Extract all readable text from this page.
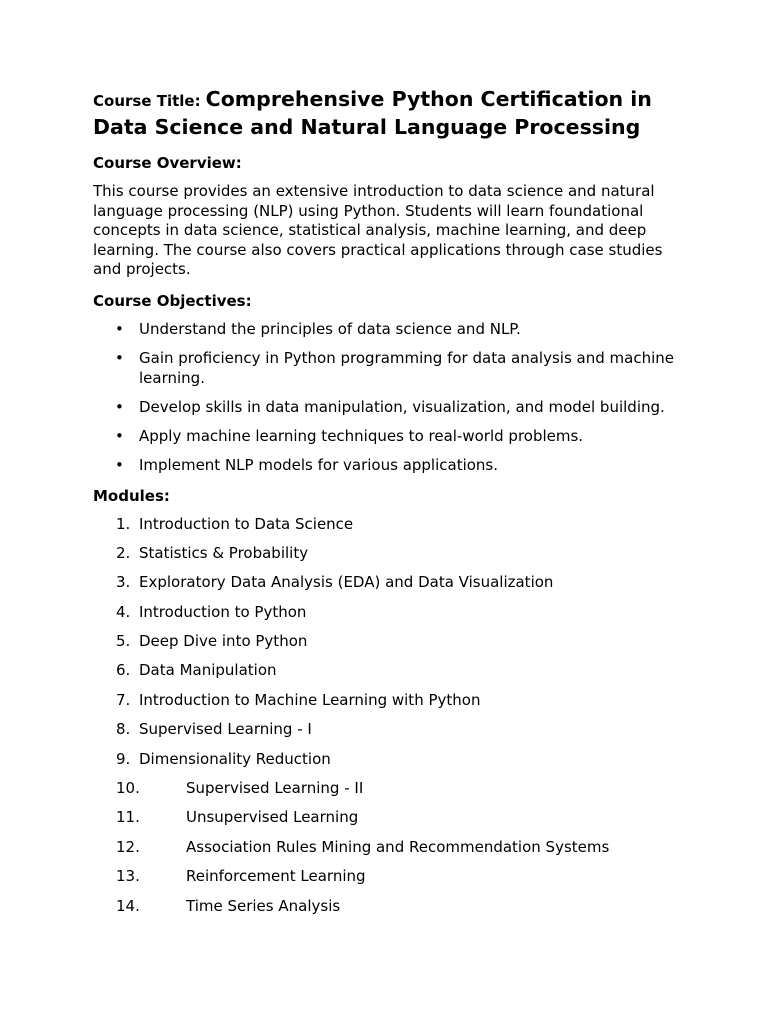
Course Title: Comprehensive Python Certification in Data Science and Natural Language Processing

Course Overview:

This course provides an extensive introduction to data science and natural language processing (NLP) using Python. Students will learn foundational concepts in data science, statistical analysis, machine learning, and deep learning. The course also covers practical applications through case studies and projects.

Course Objectives:
• Understand the principles of data science and NLP.
• Gain proficiency in Python programming for data analysis and machine learning.
• Develop skills in data manipulation, visualization, and model building.
• Apply machine learning techniques to real-world problems.
• Implement NLP models for various applications.
Modules:
1. Introduction to Data Science
2. Statistics & Probability
3. Exploratory Data Analysis (EDA) and Data Visualization
4. Introduction to Python
5. Deep Dive into Python
6. Data Manipulation
7. Introduction to Machine Learning with Python
8. Supervised Learning - I
9. Dimensionality Reduction
10.	Supervised Learning - II
11.	Unsupervised Learning
12.	Association Rules Mining and Recommendation Systems
13.	Reinforcement Learning
14.	Time Series Analysis
